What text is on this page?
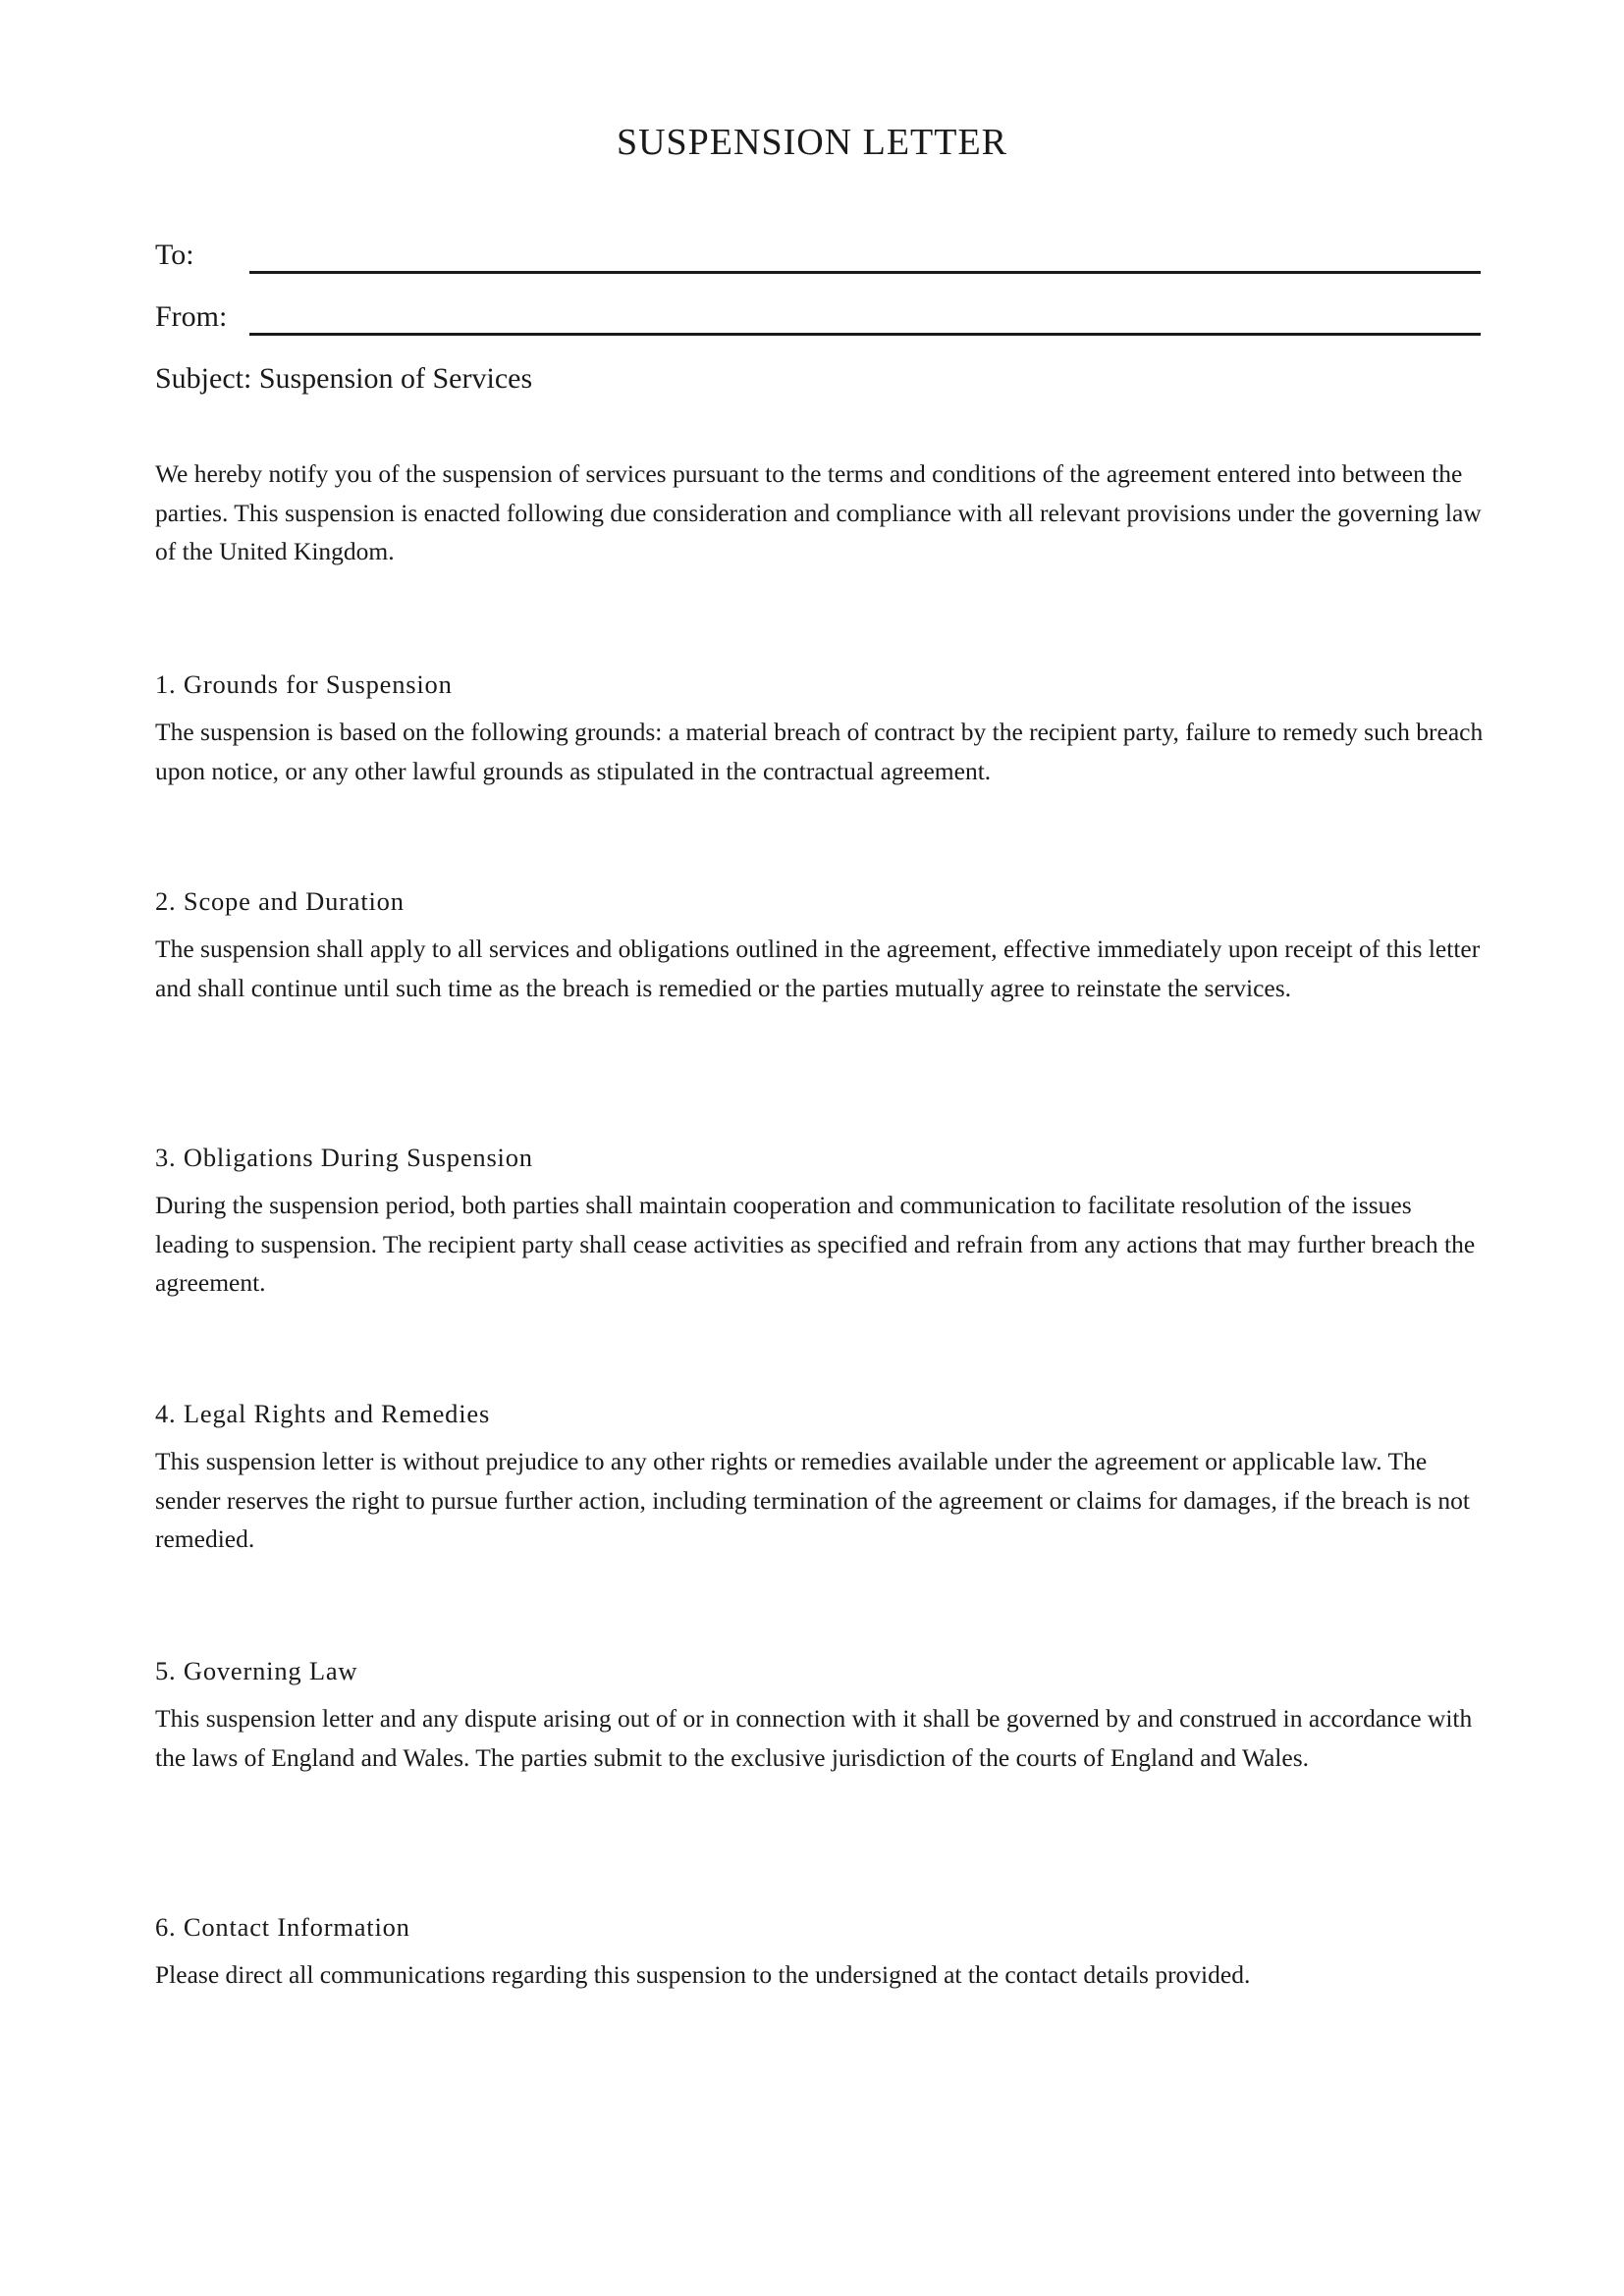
SUSPENSION LETTER
To:
From:
Subject: Suspension of Services

We hereby notify you of the suspension of services pursuant to the terms and conditions of the agreement entered into between the parties. This suspension is enacted following due consideration and compliance with all relevant provisions under the governing law of the United Kingdom.

1. Grounds for Suspension

The suspension is based on the following grounds: a material breach of contract by the recipient party, failure to remedy such breach upon notice, or any other lawful grounds as stipulated in the contractual agreement.

2. Scope and Duration

The suspension shall apply to all services and obligations outlined in the agreement, effective immediately upon receipt of this letter and shall continue until such time as the breach is remedied or the parties mutually agree to reinstate the services.

3. Obligations During Suspension

During the suspension period, both parties shall maintain cooperation and communication to facilitate resolution of the issues leading to suspension. The recipient party shall cease activities as specified and refrain from any actions that may further breach the agreement.

4. Legal Rights and Remedies

This suspension letter is without prejudice to any other rights or remedies available under the agreement or applicable law. The sender reserves the right to pursue further action, including termination of the agreement or claims for damages, if the breach is not remedied.

5. Governing Law

This suspension letter and any dispute arising out of or in connection with it shall be governed by and construed in accordance with the laws of England and Wales. The parties submit to the exclusive jurisdiction of the courts of England and Wales.

6. Contact Information

Please direct all communications regarding this suspension to the undersigned at the contact details provided.
